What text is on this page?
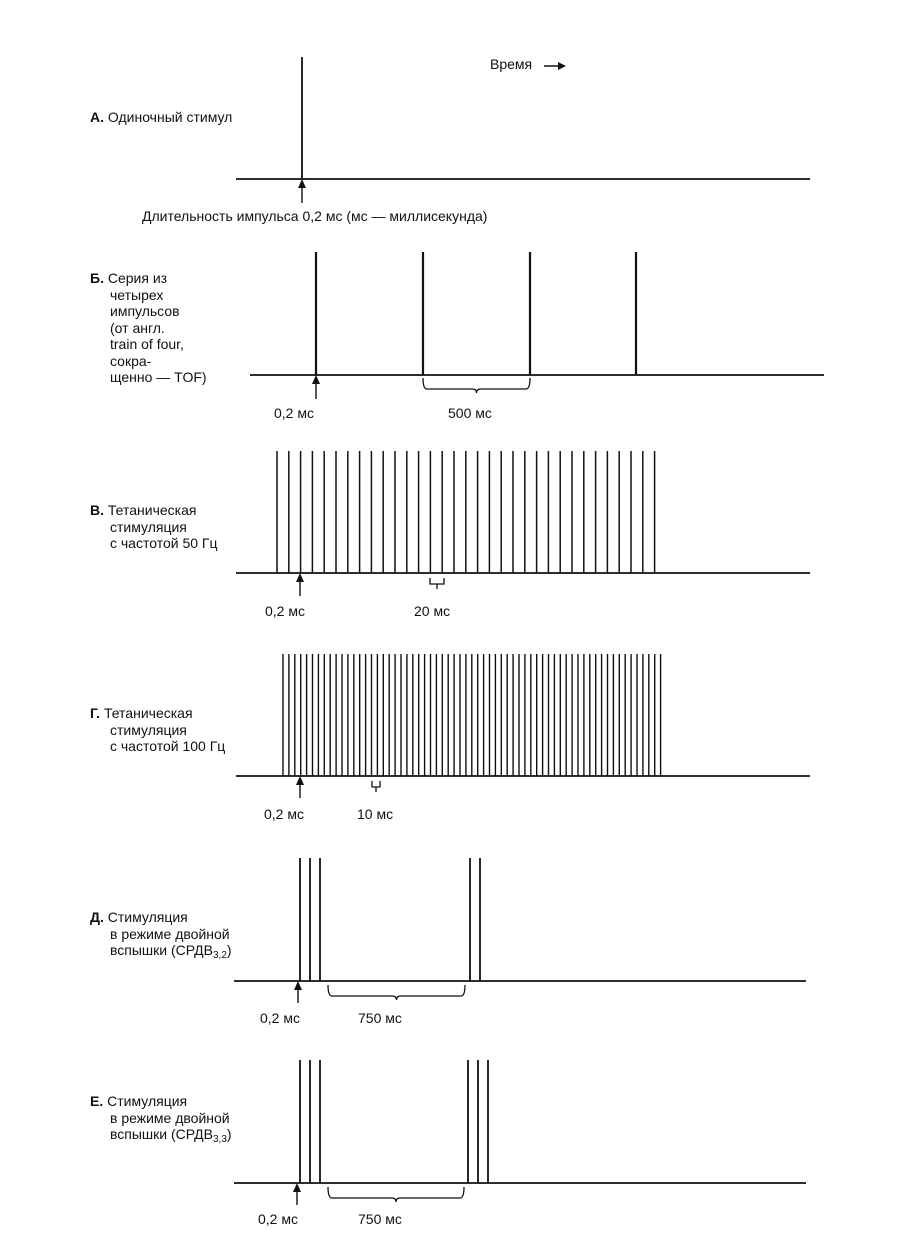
Время
А. Одиночный стимул
Длительность импульса 0,2 мс (мс — миллисекунда)
Б. Серия из
четырех
импульсов
(от англ.
train of four,
сокра-
щенно — TOF)
0,2 мс	500 мс
В. Тетаническая
стимуляция
с частотой 50 Гц
0,2 мс	20 мс
Г. Тетаническая
стимуляция
с частотой 100 Гц
0,2 мс	10 мс
Д. Стимуляция
в режиме двойной
вспышки $(СРДВ_{3,2})$
0,2 мс	750 мс
Е. Стимуляция
в режиме двойной
вспышки $(СРДВ_{3,3})$
0,2 мс	750 мс
